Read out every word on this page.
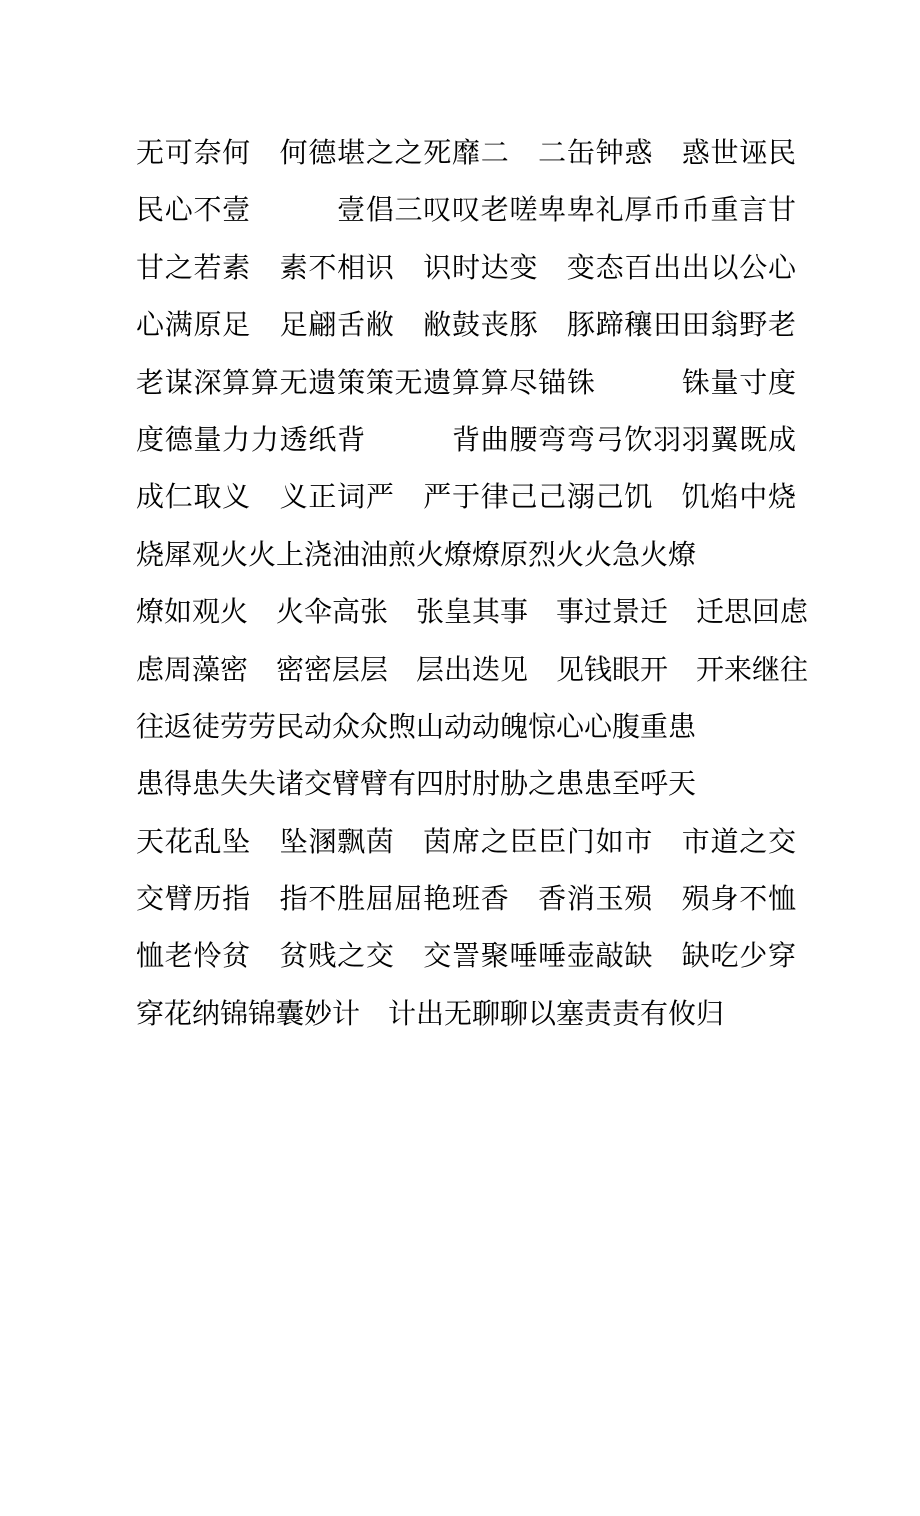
无可奈何　何德堪之之死靡二　二缶钟惑　惑世诬民
民心不壹　　　壹倡三叹叹老嗟卑卑礼厚币币重言甘
甘之若素　素不相识　识时达变　变态百出出以公心
心满原足　足翩舌敝　敝鼓丧豚　豚蹄穰田田翁野老
老谋深算算无遗策策无遗算算尽锚铢　　　铢量寸度
度德量力力透纸背　　　背曲腰弯弯弓饮羽羽翼既成
成仁取义　义正词严　严于律己己溺己饥　饥焰中烧
烧犀观火火上浇油油煎火燎燎原烈火火急火燎
燎如观火　火伞高张　张皇其事　事过景迁　迁思回虑
虑周藻密　密密层层　层出迭见　见钱眼开　开来继往
往返徒劳劳民动众众煦山动动魄惊心心腹重患
患得患失失诸交臂臂有四肘肘胁之患患至呼天
天花乱坠　坠溷飘茵　茵席之臣臣门如市　市道之交
交臂历指　指不胜屈屈艳班香　香消玉殒　殒身不恤
恤老怜贫　贫贱之交　交詈聚唾唾壶敲缺　缺吃少穿
穿花纳锦锦囊妙计　计出无聊聊以塞责责有攸归
